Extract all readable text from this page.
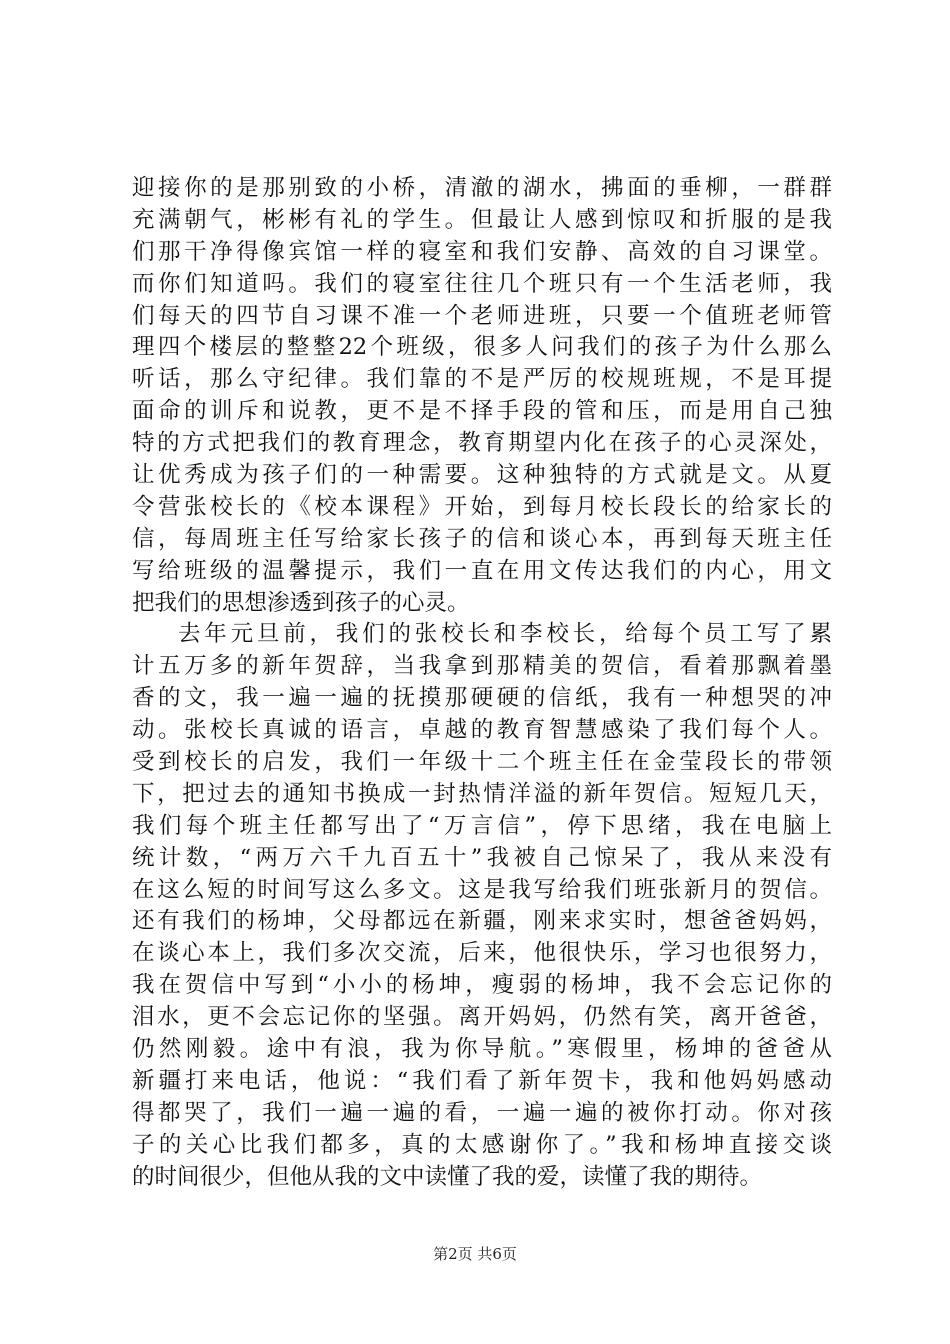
迎接你的是那别致的小桥，清澈的湖水，拂面的垂柳，一群群
充满朝气，彬彬有礼的学生。但最让人感到惊叹和折服的是我
们那干净得像宾馆一样的寝室和我们安静、高效的自习课堂。
而你们知道吗。我们的寝室往往几个班只有一个生活老师，我
们每天的四节自习课不准一个老师进班，只要一个值班老师管
理四个楼层的整整22个班级，很多人问我们的孩子为什么那么
听话，那么守纪律。我们靠的不是严厉的校规班规，不是耳提
面命的训斥和说教，更不是不择手段的管和压，而是用自己独
特的方式把我们的教育理念，教育期望内化在孩子的心灵深处，
让优秀成为孩子们的一种需要。这种独特的方式就是文。从夏
令营张校长的《校本课程》开始，到每月校长段长的给家长的
信，每周班主任写给家长孩子的信和谈心本，再到每天班主任
写给班级的温馨提示，我们一直在用文传达我们的内心，用文
把我们的思想渗透到孩子的心灵。
去年元旦前，我们的张校长和李校长，给每个员工写了累
计五万多的新年贺辞，当我拿到那精美的贺信，看着那飘着墨
香的文，我一遍一遍的抚摸那硬硬的信纸，我有一种想哭的冲
动。张校长真诚的语言，卓越的教育智慧感染了我们每个人。
受到校长的启发，我们一年级十二个班主任在金莹段长的带领
下，把过去的通知书换成一封热情洋溢的新年贺信。短短几天，
我们每个班主任都写出了“万言信”，停下思绪，我在电脑上
统计数，“两万六千九百五十”我被自己惊呆了，我从来没有
在这么短的时间写这么多文。这是我写给我们班张新月的贺信。
还有我们的杨坤，父母都远在新疆，刚来求实时，想爸爸妈妈，
在谈心本上，我们多次交流，后来，他很快乐，学习也很努力，
我在贺信中写到“小小的杨坤，瘦弱的杨坤，我不会忘记你的
泪水，更不会忘记你的坚强。离开妈妈，仍然有笑，离开爸爸，
仍然刚毅。途中有浪，我为你导航。”寒假里，杨坤的爸爸从
新疆打来电话，他说：“我们看了新年贺卡，我和他妈妈感动
得都哭了，我们一遍一遍的看，一遍一遍的被你打动。你对孩
子的关心比我们都多，真的太感谢你了。”我和杨坤直接交谈
的时间很少，但他从我的文中读懂了我的爱，读懂了我的期待。
第2页 共6页
